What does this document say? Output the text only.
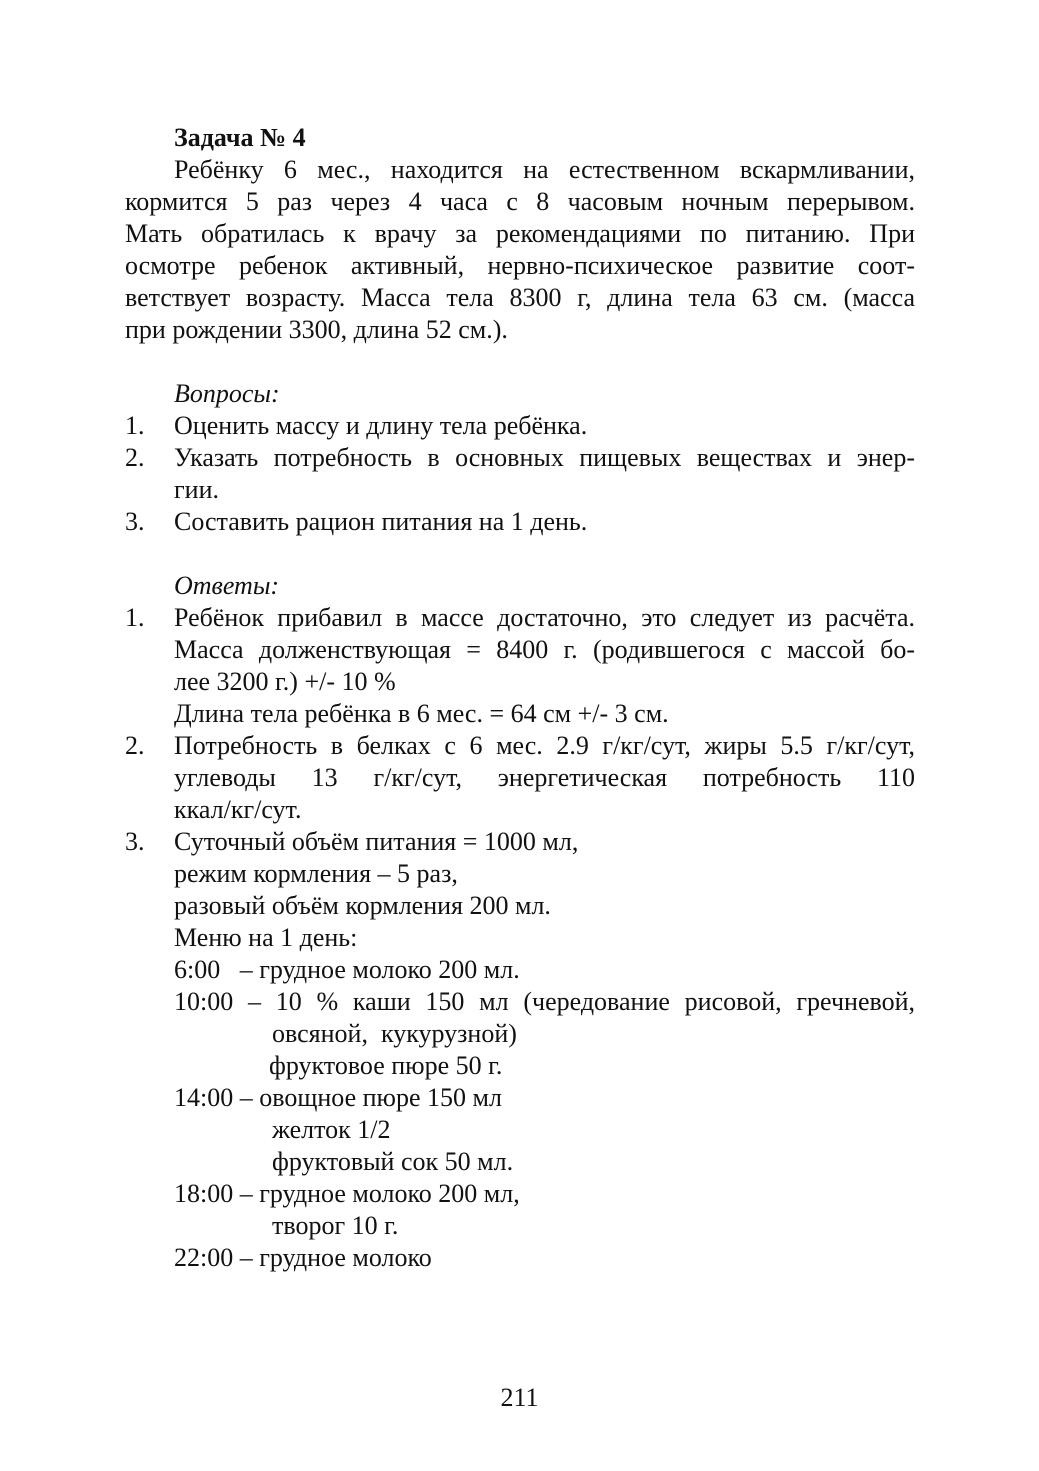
Задача № 4
Ребёнку 6 мес., находится на естественном вскармливании,
кормится 5 раз через 4 часа с 8 часовым ночным перерывом.
Мать обратилась к врачу за рекомендациями по питанию. При
осмотре ребенок активный, нервно-психическое развитие соот-
ветствует возрасту. Масса тела 8300 г, длина тела 63 см. (масса
при рождении 3300, длина 52 см.).
Вопросы:
1. Оценить массу и длину тела ребёнка.
2. Указать потребность в основных пищевых веществах и энер-
гии.
3. Составить рацион питания на 1 день.
Ответы:
1. Ребёнок прибавил в массе достаточно, это следует из расчёта.
Масса долженствующая = 8400 г. (родившегося с массой бо-
лее 3200 г.) +/- 10 %
Длина тела ребёнка в 6 мес. = 64 см +/- 3 см.
2. Потребность в белках с 6 мес. 2.9 г/кг/сут, жиры 5.5 г/кг/сут,
углеводы 13 г/кг/сут, энергетическая потребность 110
ккал/кг/сут.
3. Суточный объём питания = 1000 мл,
режим кормления – 5 раз,
разовый объём кормления 200 мл.
Меню на 1 день:
6:00   – грудное молоко 200 мл.
10:00 – 10 % каши 150 мл (чередование рисовой, гречневой,
овсяной,  кукурузной)
фруктовое пюре 50 г.
14:00 – овощное пюре 150 мл
желток 1/2
фруктовый сок 50 мл.
18:00 – грудное молоко 200 мл,
творог 10 г.
22:00 – грудное молоко
211
